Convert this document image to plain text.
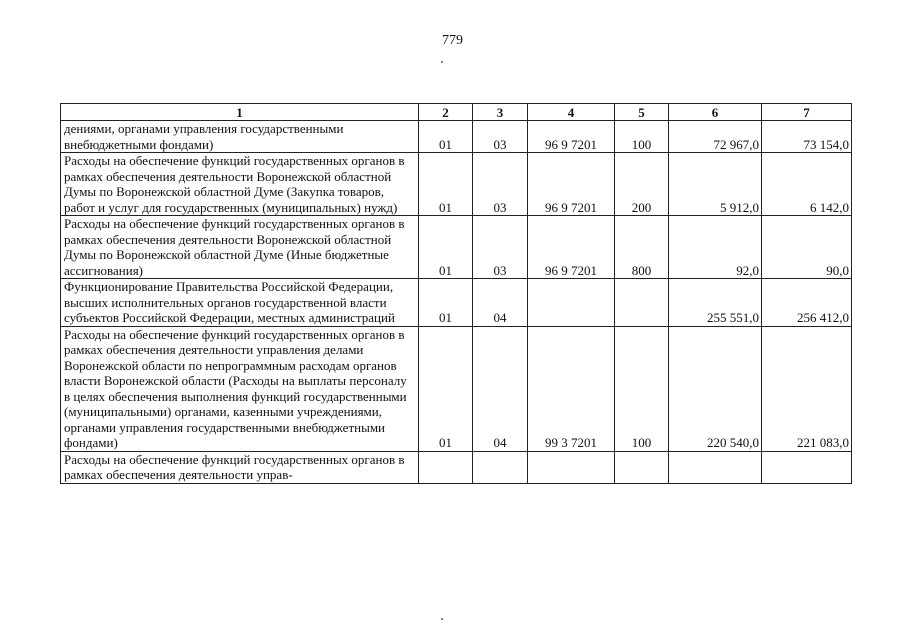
779
1	2	3	4	5	6	7
дениями, органами управления государственными внебюджетными фондами)	01	03	96 9 7201	100	72 967,0	73 154,0
Расходы на обеспечение функций государственных органов в рамках обеспечения деятельности Воронежской областной Думы по Воронежской областной Думе (Закупка товаров, работ и услуг для государственных (муниципальных) нужд)	01	03	96 9 7201	200	5 912,0	6 142,0
Расходы на обеспечение функций государственных органов в рамках обеспечения деятельности Воронежской областной Думы по Воронежской областной Думе (Иные бюджетные ассигнования)	01	03	96 9 7201	800	92,0	90,0
Функционирование Правительства Российской Федерации, высших исполнительных органов государственной власти субъектов Российской Федерации, местных администраций	01	04			255 551,0	256 412,0
Расходы на обеспечение функций государственных органов в рамках обеспечения деятельности управления делами Воронежской области по непрограммным расходам органов власти Воронежской области (Расходы на выплаты персоналу в целях обеспечения выполнения функций государственными (муниципальными) органами, казенными учреждениями, органами управления государственными внебюджетными фондами)	01	04	99 3 7201	100	220 540,0	221 083,0

Расходы на обеспечение функций государственных органов в рамках обеспечения деятельности управ-						
